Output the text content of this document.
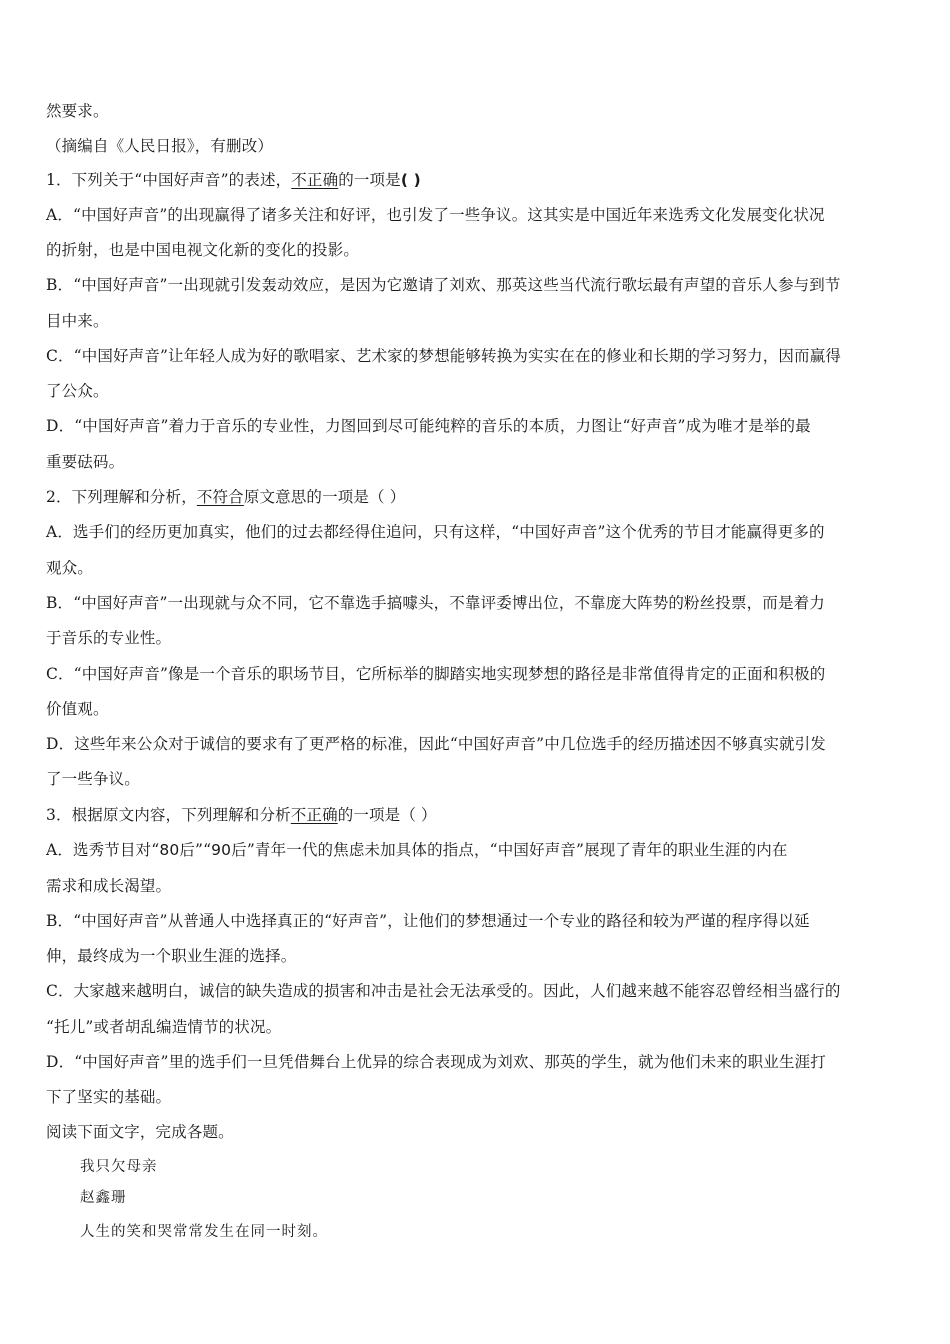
然要求。
（摘编自《人民日报》，有删改）
1．下列关于“中国好声音”的表述，不正确的一项是( )
A．“中国好声音”的出现赢得了诸多关注和好评，也引发了一些争议。这其实是中国近年来选秀文化发展变化状况
的折射，也是中国电视文化新的变化的投影。
B．“中国好声音”一出现就引发轰动效应，是因为它邀请了刘欢、那英这些当代流行歌坛最有声望的音乐人参与到节
目中来。
C．“中国好声音”让年轻人成为好的歌唱家、艺术家的梦想能够转换为实实在在的修业和长期的学习努力，因而赢得
了公众。
D．“中国好声音”着力于音乐的专业性，力图回到尽可能纯粹的音乐的本质，力图让“好声音”成为唯才是举的最
重要砝码。
2．下列理解和分析，不符合原文意思的一项是（ ）
A．选手们的经历更加真实，他们的过去都经得住追问，只有这样，“中国好声音”这个优秀的节目才能赢得更多的
观众。
B．“中国好声音”一出现就与众不同，它不靠选手搞噱头，不靠评委博出位，不靠庞大阵势的粉丝投票，而是着力
于音乐的专业性。
C．“中国好声音”像是一个音乐的职场节目，它所标举的脚踏实地实现梦想的路径是非常值得肯定的正面和积极的
价值观。
D．这些年来公众对于诚信的要求有了更严格的标准，因此“中国好声音”中几位选手的经历描述因不够真实就引发
了一些争议。
3．根据原文内容，下列理解和分析不正确的一项是（ ）
A．选秀节目对“80后”“90后”青年一代的焦虑未加具体的指点，“中国好声音”展现了青年的职业生涯的内在
需求和成长渴望。
B．“中国好声音”从普通人中选择真正的“好声音”，让他们的梦想通过一个专业的路径和较为严谨的程序得以延
伸，最终成为一个职业生涯的选择。
C．大家越来越明白，诚信的缺失造成的损害和冲击是社会无法承受的。因此，人们越来越不能容忍曾经相当盛行的
“托儿”或者胡乱编造情节的状况。
D．“中国好声音”里的选手们一旦凭借舞台上优异的综合表现成为刘欢、那英的学生，就为他们未来的职业生涯打
下了坚实的基础。
阅读下面文字，完成各题。
我只欠母亲
赵鑫珊
人生的笑和哭常常发生在同一时刻。
